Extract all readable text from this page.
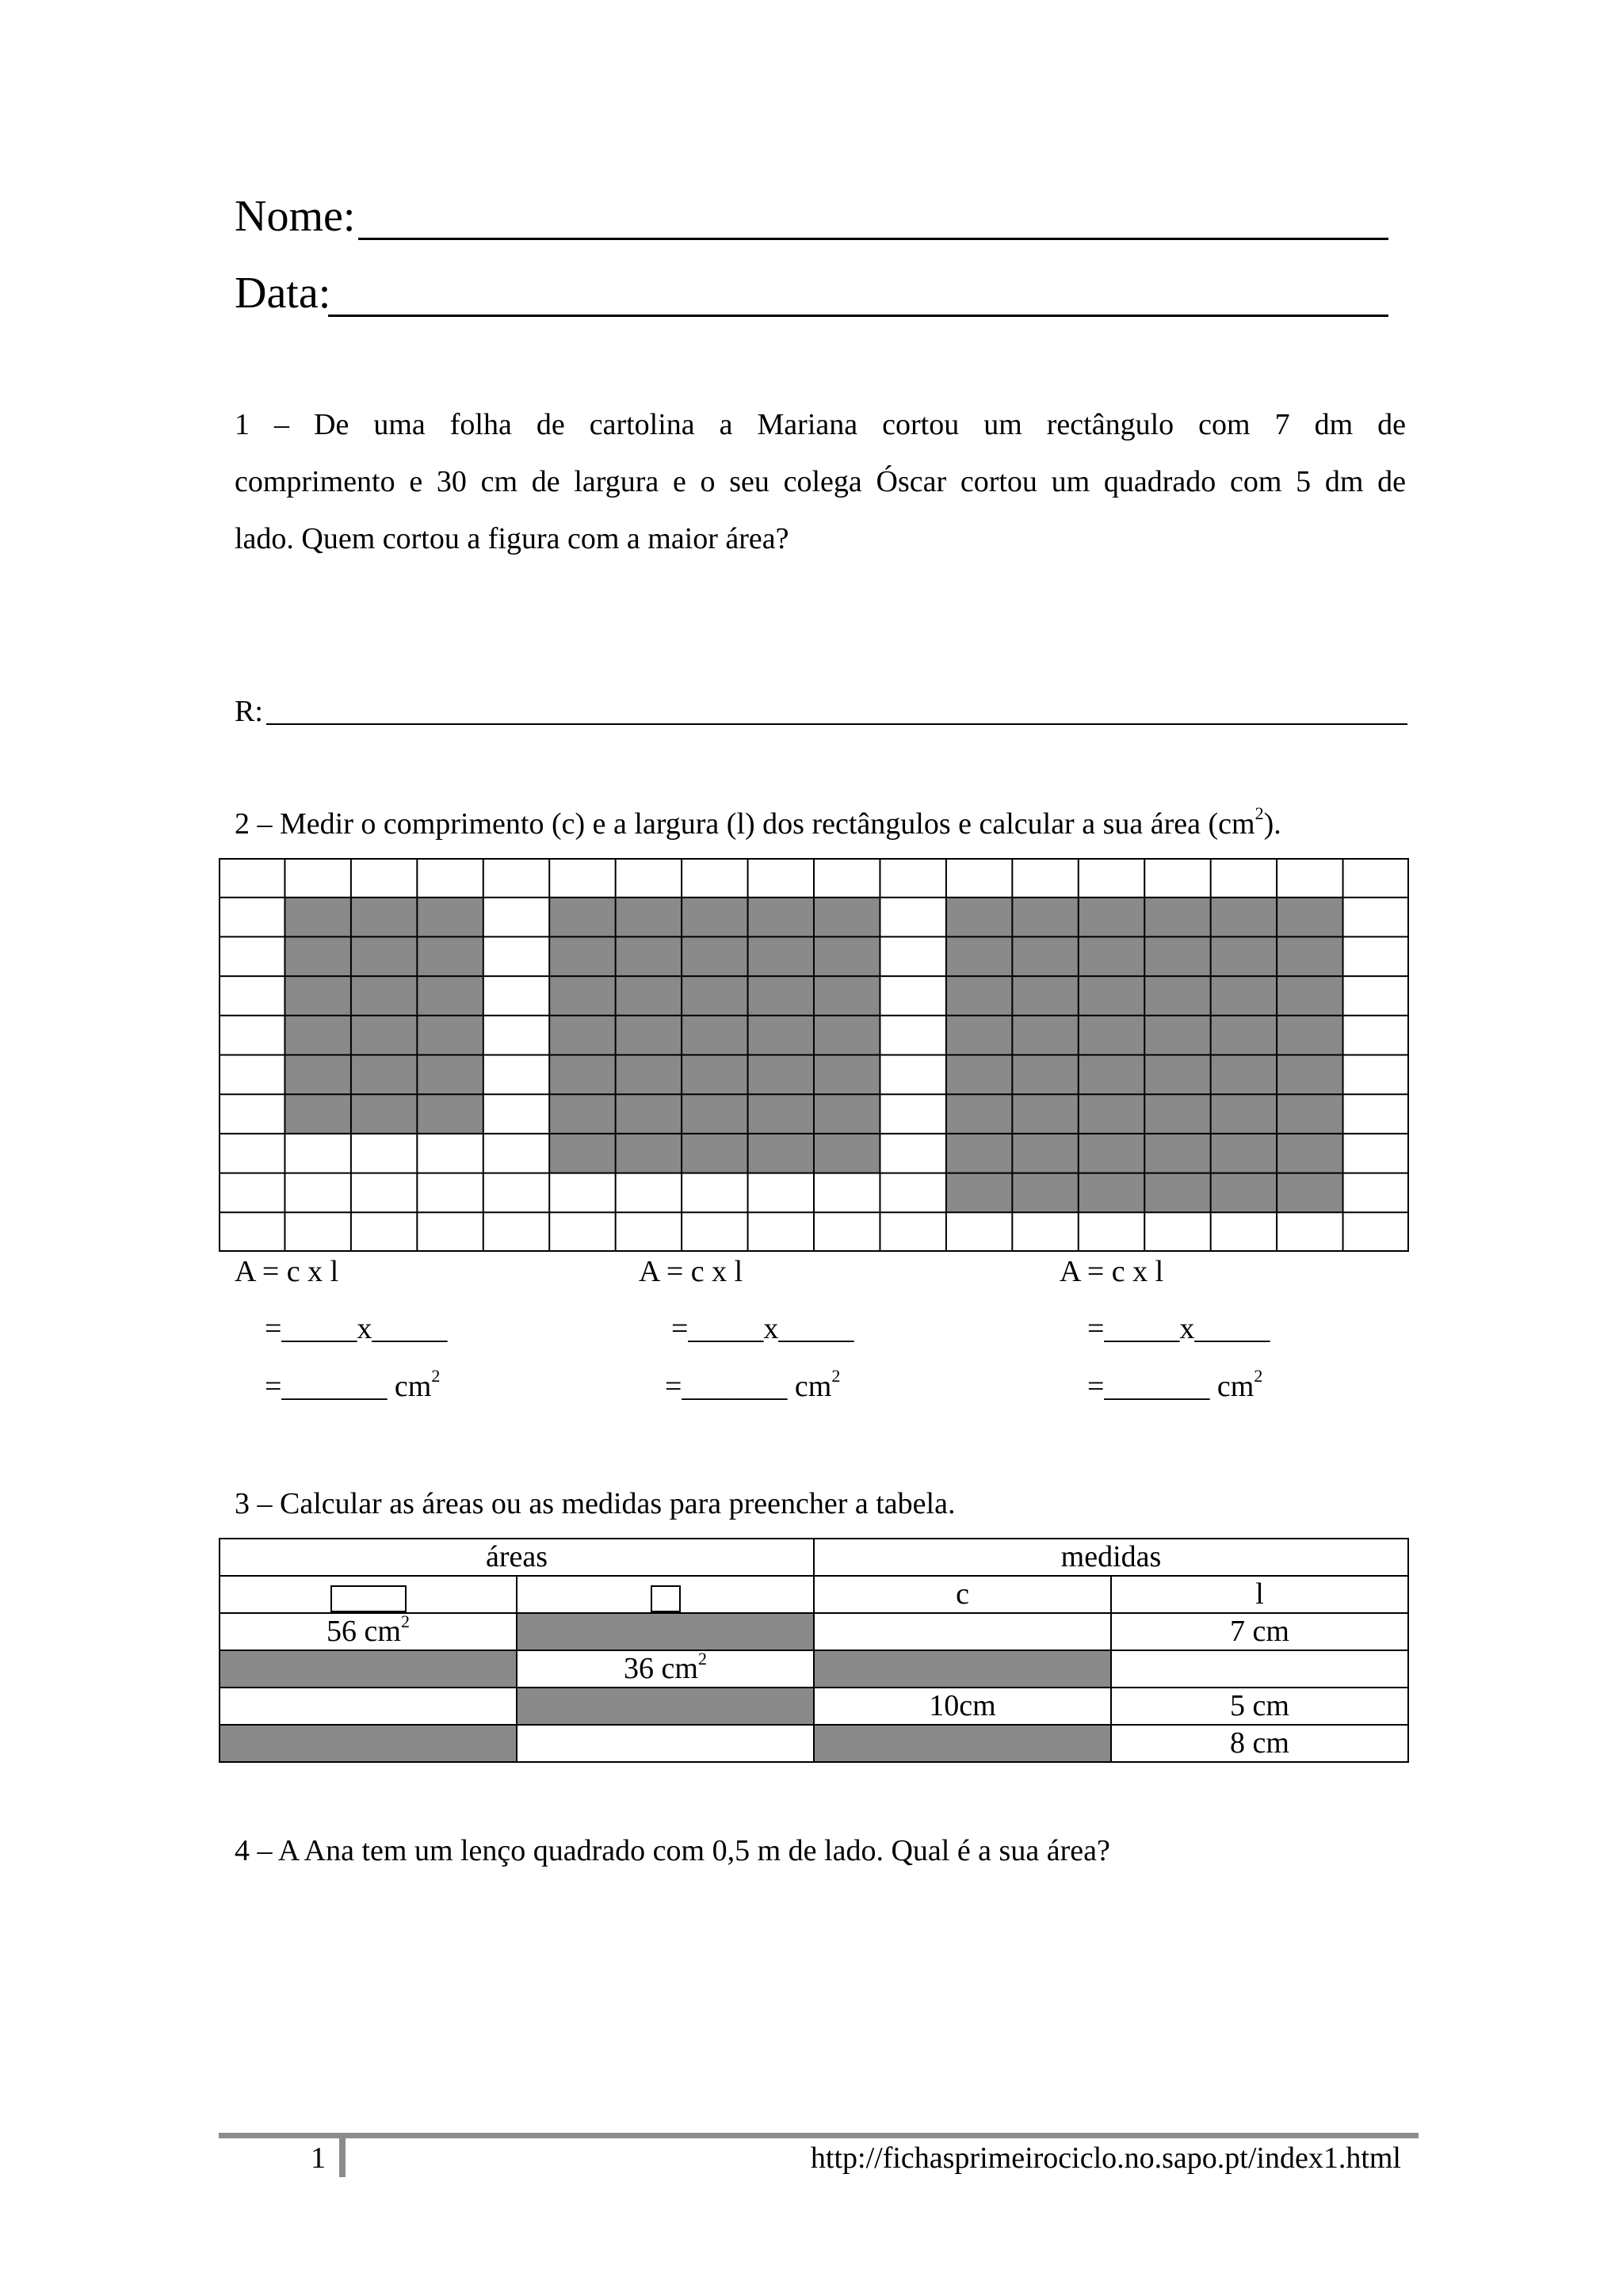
Nome:
Data:
1 – De uma folha de cartolina a Mariana cortou um rectângulo com 7 dm de
comprimento e 30 cm de largura e o seu colega Óscar cortou um quadrado com 5 dm de
lado. Quem cortou a figura com a maior área?
R:
2 – Medir o comprimento (c) e a largura (l) dos rectângulos e calcular a sua área $(cm^2)$.
A = c x l
=_____x_____
=_______ $cm^2$
A = c x l
=_____x_____
=_______ $cm^2$
A = c x l
=_____x_____
=_______ $cm^2$
3 – Calcular as áreas ou as medidas para preencher a tabela.
áreas		medidas	
		c	l
56 $cm^2$			7 cm
	36 $cm^2$		
		10cm	5 cm
			8 cm
4 – A Ana tem um lenço quadrado com 0,5 m de lado. Qual é a sua área?
1	http://fichasprimeirociclo.no.sapo.pt/index1.html
